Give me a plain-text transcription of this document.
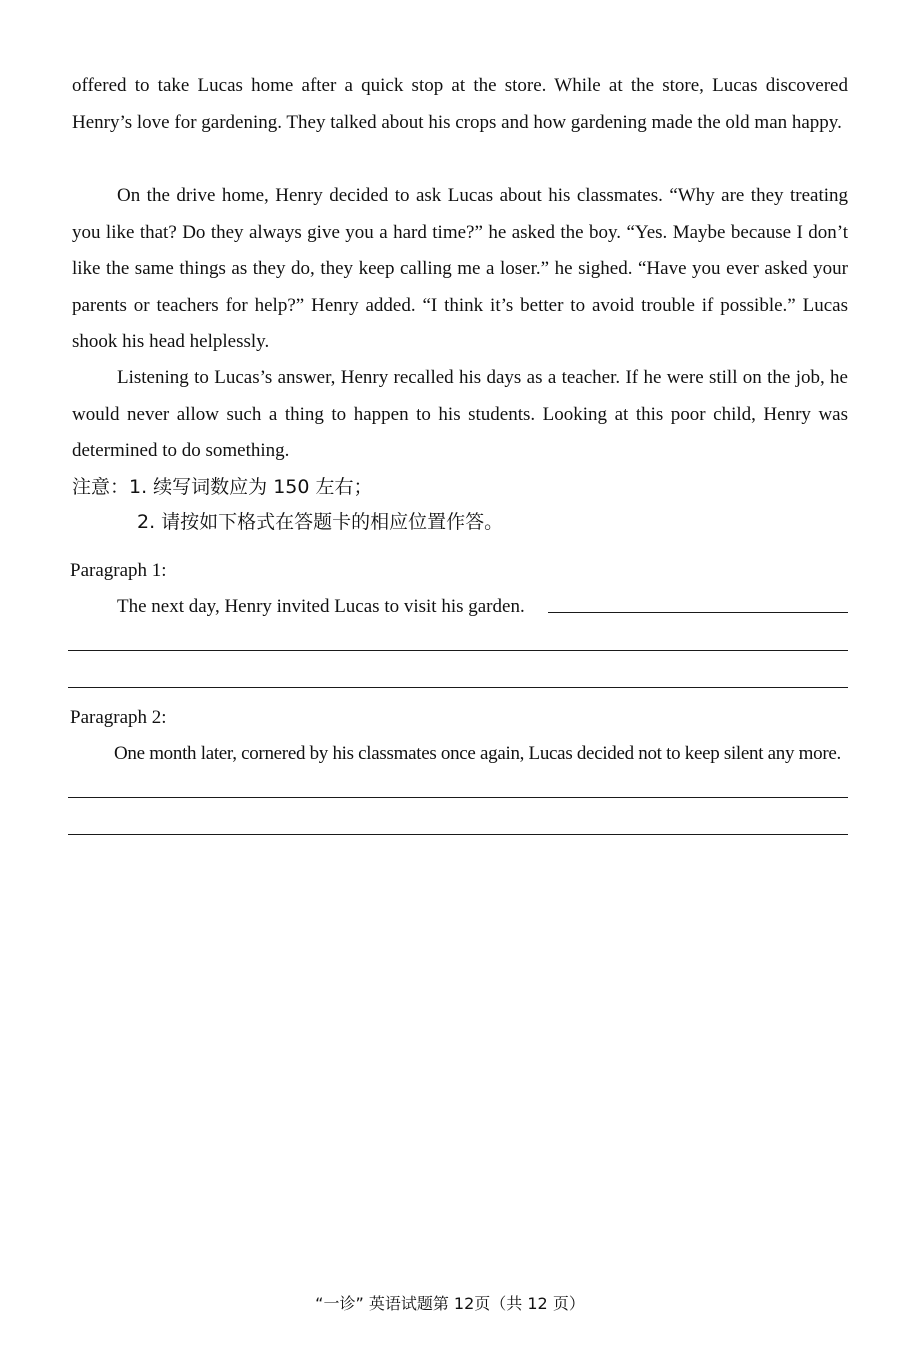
offered to take Lucas home after a quick stop at the store. While at the store, Lucas discovered Henry’s love for gardening. They talked about his crops and how gardening made the old man happy.

On the drive home, Henry decided to ask Lucas about his classmates. “Why are they treating you like that? Do they always give you a hard time?” he asked the boy. “Yes. Maybe because I don’t like the same things as they do, they keep calling me a loser.” he sighed. “Have you ever asked your parents or teachers for help?” Henry added. “I think it’s better to avoid trouble if possible.” Lucas shook his head helplessly.

Listening to Lucas’s answer, Henry recalled his days as a teacher. If he were still on the job, he would never allow such a thing to happen to his students. Looking at this poor child, Henry was determined to do something.

注意：1. 续写词数应为 150 左右；
2. 请按如下格式在答题卡的相应位置作答。
Paragraph 1:
The next day, Henry invited Lucas to visit his garden.
Paragraph 2:
One month later, cornered by his classmates once again, Lucas decided not to keep silent any more.
“一诊” 英语试题第 12页（共 12 页）
